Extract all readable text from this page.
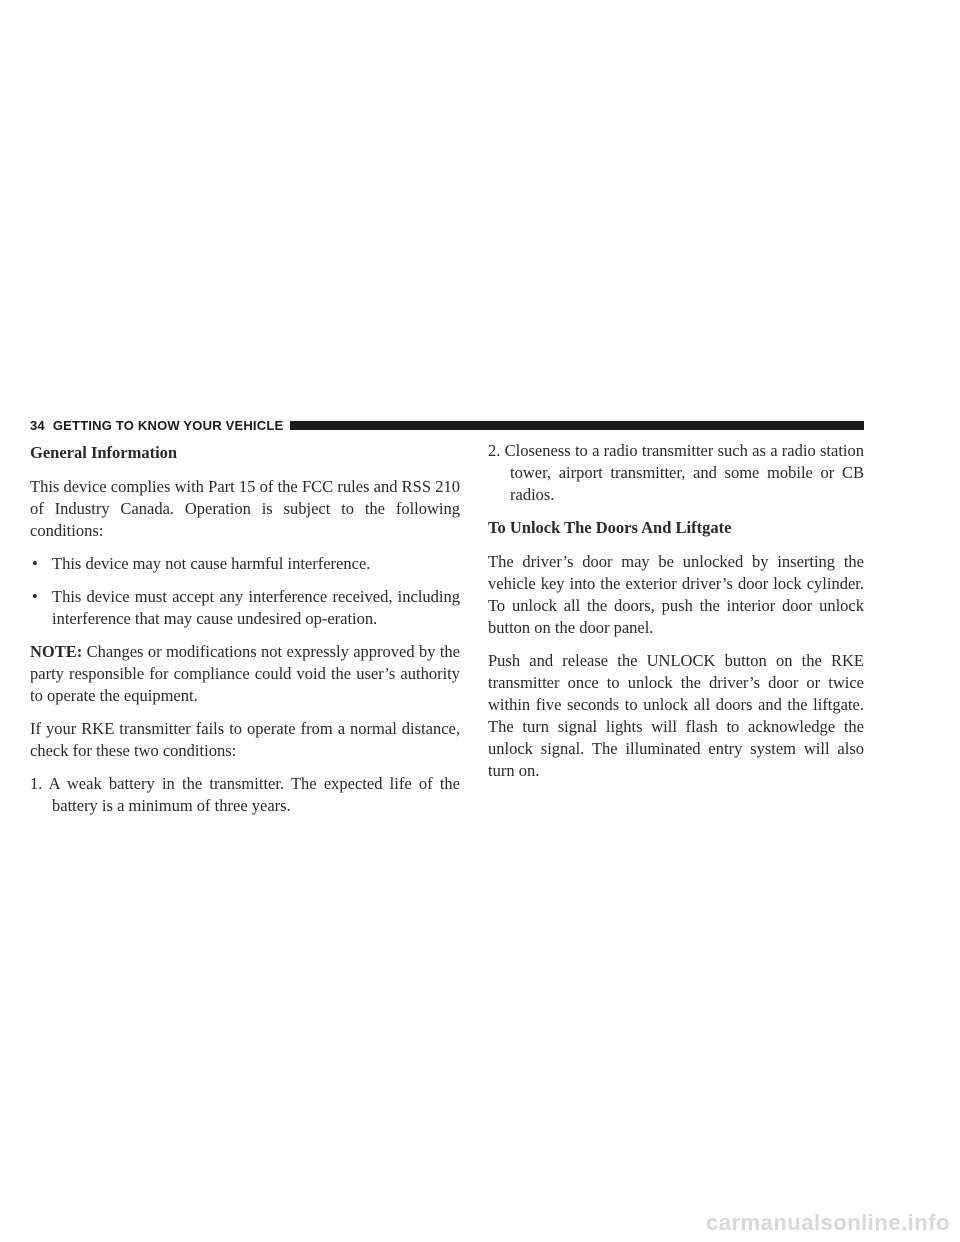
34 GETTING TO KNOW YOUR VEHICLE
General Information

This device complies with Part 15 of the FCC rules and RSS 210 of Industry Canada. Operation is subject to the following conditions:

• This device may not cause harmful interference.
• This device must accept any interference received, including interference that may cause undesired op-eration.

NOTE: Changes or modifications not expressly approved by the party responsible for compliance could void the user’s authority to operate the equipment.

If your RKE transmitter fails to operate from a normal distance, check for these two conditions:

1. A weak battery in the transmitter. The expected life of the battery is a minimum of three years.
2. Closeness to a radio transmitter such as a radio station tower, airport transmitter, and some mobile or CB radios.
To Unlock The Doors And Liftgate

The driver’s door may be unlocked by inserting the vehicle key into the exterior driver’s door lock cylinder. To unlock all the doors, push the interior door unlock button on the door panel.

Push and release the UNLOCK button on the RKE transmitter once to unlock the driver’s door or twice within five seconds to unlock all doors and the liftgate. The turn signal lights will flash to acknowledge the unlock signal. The illuminated entry system will also turn on.

carmanualsonline.info
